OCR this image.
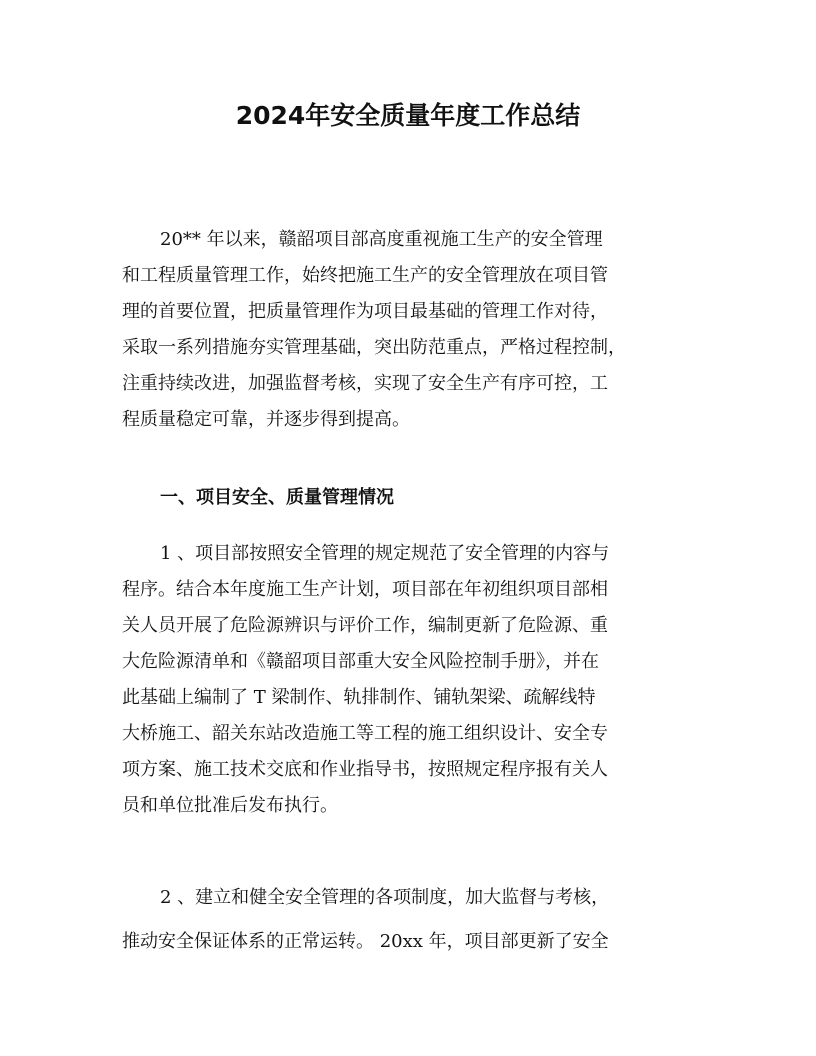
2024年安全质量年度工作总结

20** 年以来，赣韶项目部高度重视施工生产的安全管理

和工程质量管理工作，始终把施工生产的安全管理放在项目管

理的首要位置，把质量管理作为项目最基础的管理工作对待，

采取一系列措施夯实管理基础，突出防范重点，严格过程控制，

注重持续改进，加强监督考核，实现了安全生产有序可控，工

程质量稳定可靠，并逐步得到提高。

一、项目安全、质量管理情况

1 、项目部按照安全管理的规定规范了安全管理的内容与

程序。结合本年度施工生产计划，项目部在年初组织项目部相

关人员开展了危险源辨识与评价工作，编制更新了危险源、重

大危险源清单和《赣韶项目部重大安全风险控制手册》，并在

此基础上编制了 T 梁制作、轨排制作、铺轨架梁、疏解线特

大桥施工、韶关东站改造施工等工程的施工组织设计、安全专

项方案、施工技术交底和作业指导书，按照规定程序报有关人

员和单位批准后发布执行。

2 、建立和健全安全管理的各项制度，加大监督与考核，

推动安全保证体系的正常运转。 20xx 年，项目部更新了安全
